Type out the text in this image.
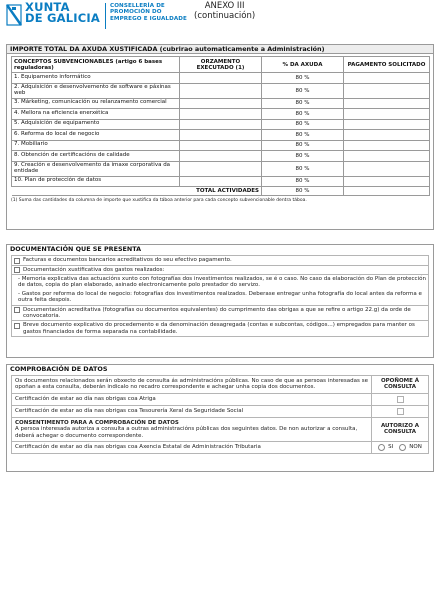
XUNTA
DE GALICIA
CONSELLERÍA DE
PROMOCIÓN DO
EMPREGO E IGUALDADE
ANEXO III
(continuación)
IMPORTE TOTAL DA AXUDA XUSTIFICADA (cubrirao automaticamente a Administración)
CONCEPTOS SUBVENCIONABLES (artigo 6 bases reguladoras)	ORZAMENTO EXECUTADO (1)	% DA AXUDA	PAGAMENTO SOLICITADO
1. Equipamento informático		80 %	
2. Adquisición e desenvolvemento de software e páxinas web		80 %	
3. Márketing, comunicación ou relanzamento comercial		80 %	
4. Mellora na eficiencia enerxética		80 %	
5. Adquisición de equipamento		80 %	
6. Reforma do local de negocio		80 %	
7. Mobiliario		80 %	
8. Obtención de certificacións de calidade		80 %	
9. Creación e desenvolvemento da imaxe corporativa da entidade		80 %	
10. Plan de protección de datos		80 %	
TOTAL ACTIVIDADES		80 %	
(1) Suma das cantidades da columna de importe que xustifica da táboa anterior para cada concepto subvencionable dentra táboa.
DOCUMENTACIÓN QUE SE PRESENTA
Facturas e documentos bancarios acreditativos do seu efectivo pagamento.
Documentación xustificativa dos gastos realizados:
- Memoria explicativa das actuacións xunto con fotografías dos investimentos realizados, se é o caso. No caso da elaboración do Plan de protección de datos, copia do plan elaborado, asinado electronicamente polo prestador do servizo.
- Gastos por reforma do local de negocio: fotografías dos investimentos realizados. Deberase entregar unha fotografía do local antes da reforma e outra feita despois.
Documentación acreditativa (fotografías ou documentos equivalentes) do cumprimento das obrigas a que se refire o artigo 22.g) da orde de convocatoria.
Breve documento explicativo do procedemento e da denominación desagregada (contas e subcontas, códigos...) empregados para manter os gastos financiados de forma separada na contabilidade.
COMPROBACIÓN DE DATOS
Os documentos relacionados serán obxecto de consulta ás administracións públicas. No caso de que as persoas interesadas se opoñan a esta consulta, deberán indicalo no recadro correspondente e achegar unha copia dos documentos.
OPOÑOME Á CONSULTA
Certificación de estar ao día nas obrigas coa Atriga
Certificación de estar ao día nas obrigas coa Tesourería Xeral da Seguridade Social
CONSENTIMENTO PARA A COMPROBACIÓN DE DATOS
A persoa interesada autoriza a consulta a outras administracións públicas dos seguintes datos. De non autorizar a consulta, deberá achegar o documento correspondente.
AUTORIZO A CONSULTA
Certificación de estar ao día nas obrigas coa Axencia Estatal de Administración Tributaria	SI	NON
